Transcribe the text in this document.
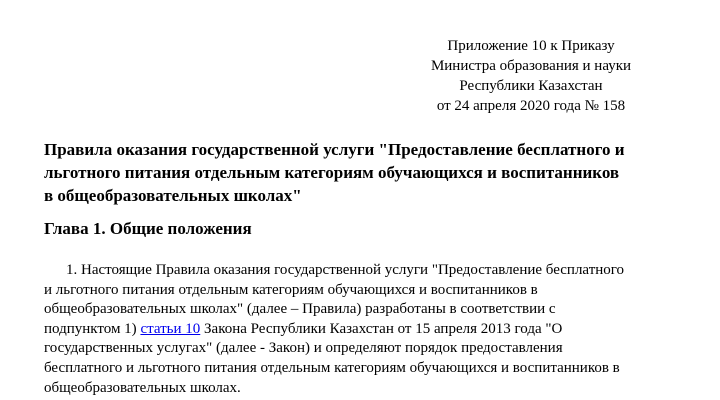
Приложение 10 к Приказу
Министра образования и науки
Республики Казахстан
от 24 апреля 2020 года № 158
Правила оказания государственной услуги "Предоставление бесплатного и
льготного питания отдельным категориям обучающихся и воспитанников
в общеобразовательных школах"
Глава 1. Общие положения
1. Настоящие Правила оказания государственной услуги "Предоставление бесплатного
и льготного питания отдельным категориям обучающихся и воспитанников в
общеобразовательных школах" (далее – Правила) разработаны в соответствии с
подпунктом 1) статьи 10 Закона Республики Казахстан от 15 апреля 2013 года "О
государственных услугах" (далее - Закон) и определяют порядок предоставления
бесплатного и льготного питания отдельным категориям обучающихся и воспитанников в
общеобразовательных школах.
